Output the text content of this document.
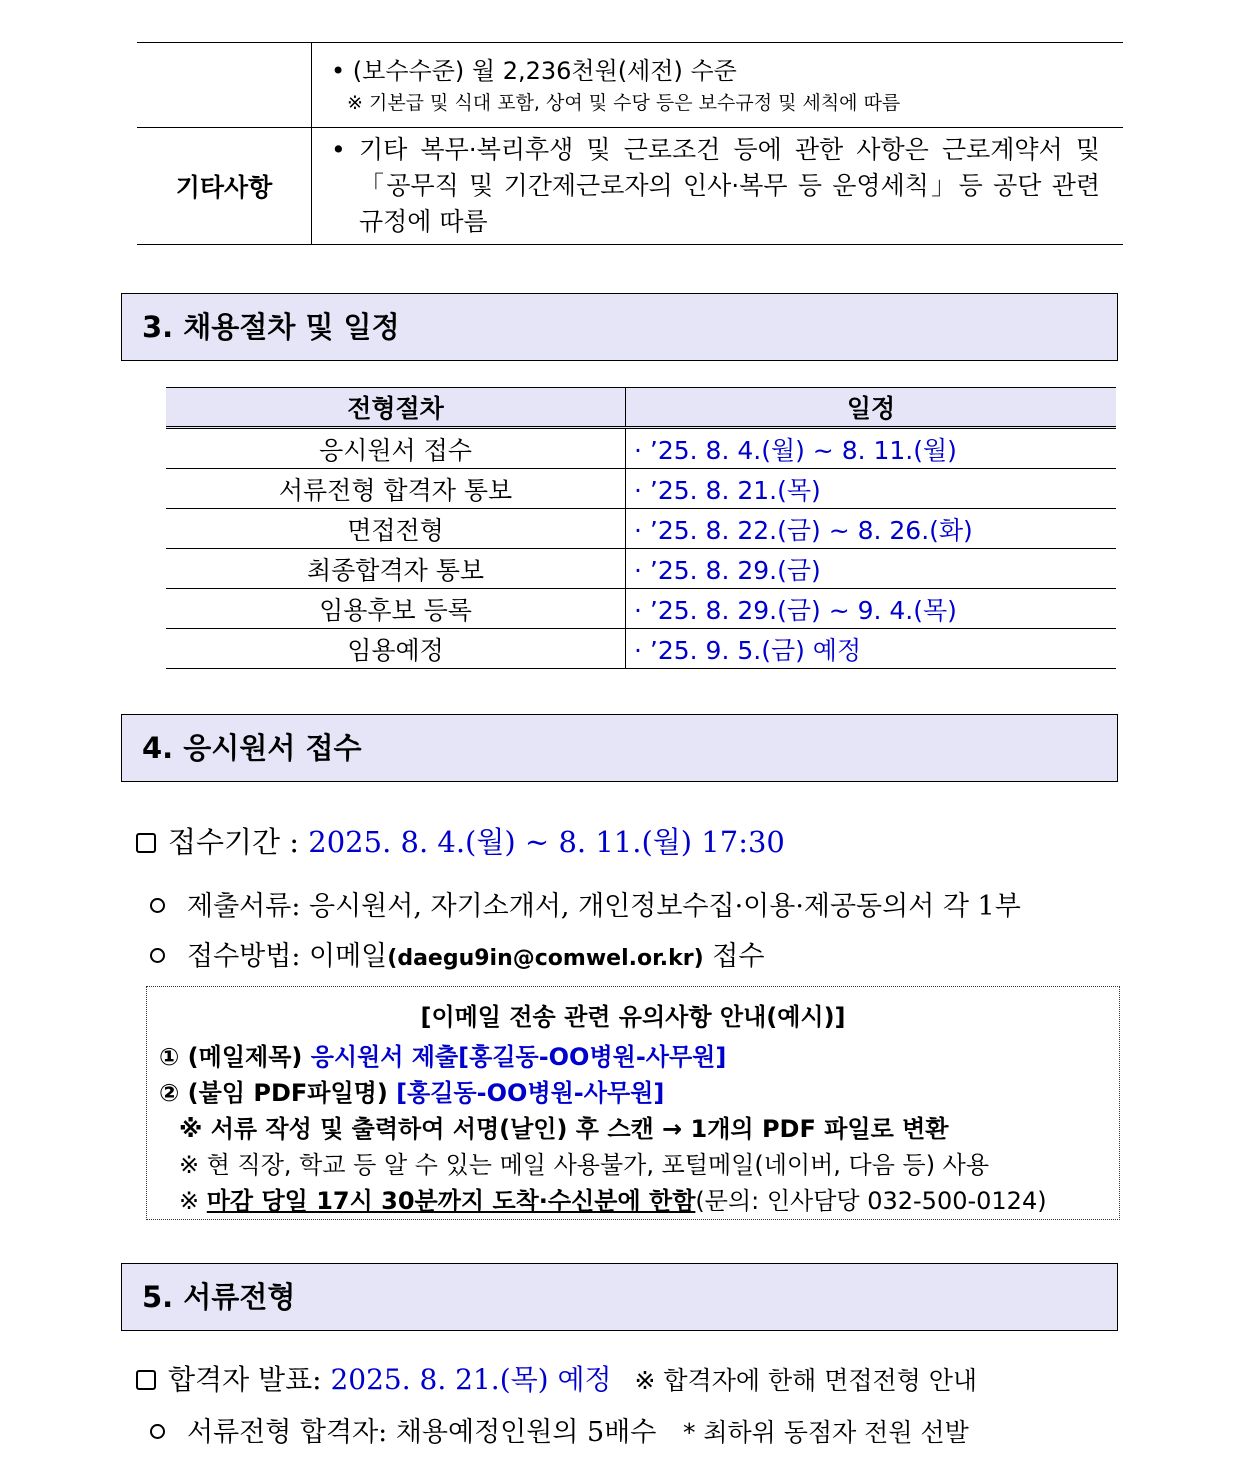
	• (보수수준) 월 2,236천원(세전) 수준
※ 기본급 및 식대 포함, 상여 및 수당 등은 보수규정 및 세칙에 따름

기타사항	• 기타 복무·복리후생 및 근로조건 등에 관한 사항은 근로계약서 및
「공무직 및 기간제근로자의 인사·복무 등 운영세칙」등 공단 관련
규정에 따름
3. 채용절차 및 일정
전형절차	일정
응시원서 접수	· ’25. 8. 4.(월) ~ 8. 11.(월)
서류전형 합격자 통보	· ’25. 8. 21.(목)
면접전형	· ’25. 8. 22.(금) ~ 8. 26.(화)
최종합격자 통보	· ’25. 8. 29.(금)
임용후보 등록	· ’25. 8. 29.(금) ~ 9. 4.(목)
임용예정	· ’25. 9. 5.(금) 예정
4. 응시원서 접수
접수기간 : 2025. 8. 4.(월) ~ 8. 11.(월) 17:30
제출서류: 응시원서, 자기소개서, 개인정보수집·이용·제공동의서 각 1부
접수방법: 이메일(daegu9in@comwel.or.kr) 접수
[이메일 전송 관련 유의사항 안내(예시)]
① (메일제목) 응시원서 제출[홍길동-OO병원-사무원]
② (붙임 PDF파일명) [홍길동-OO병원-사무원]
※ 서류 작성 및 출력하여 서명(날인) 후 스캔 → 1개의 PDF 파일로 변환
※ 현 직장, 학교 등 알 수 있는 메일 사용불가, 포털메일(네이버, 다음 등) 사용
※ 마감 당일 17시 30분까지 도착·수신분에 한함(문의: 인사담당 032-500-0124)
5. 서류전형
합격자 발표: 2025. 8. 21.(목) 예정 ※ 합격자에 한해 면접전형 안내
서류전형 합격자: 채용예정인원의 5배수 * 최하위 동점자 전원 선발
